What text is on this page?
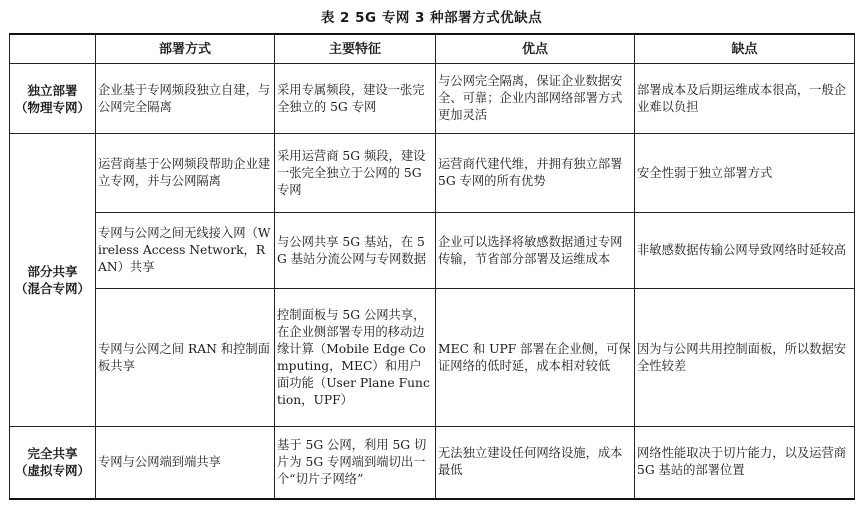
表 2 5G 专网 3 种部署方式优缺点
	部署方式	主要特征	优点	缺点

独立部署
（物理专网）	企业基于专网频段独立自建，与公网完全隔离	采用专属频段，建设一张完全独立的 5G 专网	与公网完全隔离，保证企业数据安全、可靠；企业内部网络部署方式更加灵活	部署成本及后期运维成本很高，一般企业难以负担

部分共享
（混合专网）	运营商基于公网频段帮助企业建立专网，并与公网隔离	采用运营商 5G 频段，建设一张完全独立于公网的 5G 专网	运营商代建代维，并拥有独立部署 5G 专网的所有优势	安全性弱于独立部署方式
	专网与公网之间无线接入网（Wireless Access Network，RAN）共享	与公网共享 5G 基站，在 5G 基站分流公网与专网数据	企业可以选择将敏感数据通过专网传输，节省部分部署及运维成本	非敏感数据传输公网导致网络时延较高
	专网与公网之间 RAN 和控制面板共享	控制面板与 5G 公网共享，在企业侧部署专用的移动边缘计算（Mobile Edge Computing，MEC）和用户面功能（User Plane Function，UPF）	MEC 和 UPF 部署在企业侧，可保证网络的低时延，成本相对较低	因为与公网共用控制面板，所以数据安全性较差

完全共享
（虚拟专网）	专网与公网端到端共享	基于 5G 公网，利用 5G 切片为 5G 专网端到端切出一个“切片子网络”	无法独立建设任何网络设施，成本最低	网络性能取决于切片能力，以及运营商 5G 基站的部署位置
